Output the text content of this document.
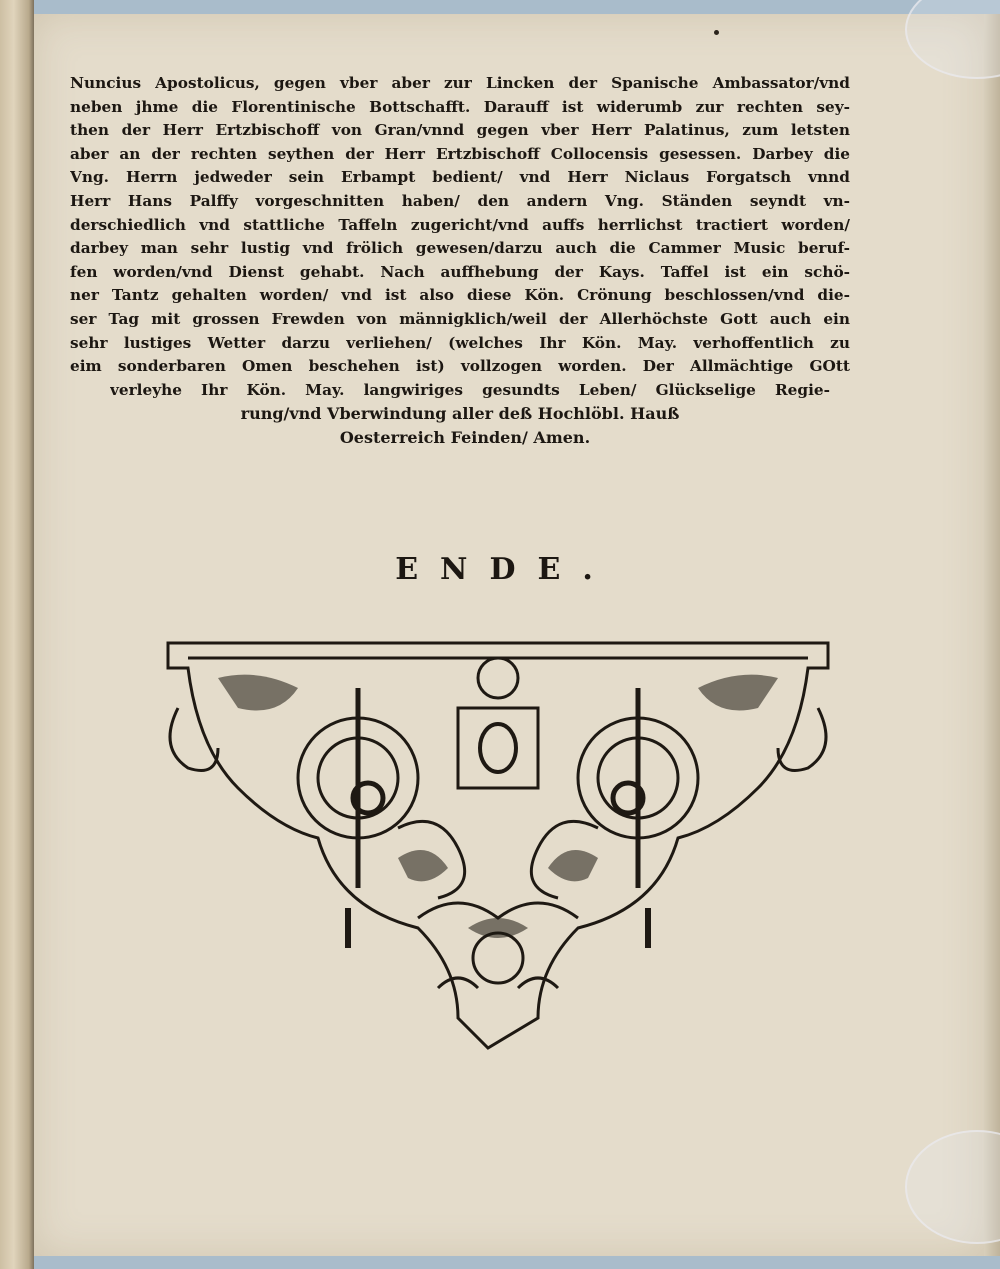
Nuncius Apostolicus, gegen vber aber zur Lincken der Spanische Ambassator/vnd
neben jhme die Florentinische Bottschafft. Darauff ist widerumb zur rechten sey-
then der Herr Ertzbischoff von Gran/vnnd gegen vber Herr Palatinus, zum letsten
aber an der rechten seythen der Herr Ertzbischoff Collocensis gesessen. Darbey die
Vng. Herrn jedweder sein Erbampt bedient/ vnd Herr Niclaus Forgatsch vnnd
Herr Hans Palffy vorgeschnitten haben/ den andern Vng. Ständen seyndt vn-
derschiedlich vnd stattliche Taffeln zugericht/vnd auffs herrlichst tractiert worden/
darbey man sehr lustig vnd frölich gewesen/darzu auch die Cammer Music beruf-
fen worden/vnd Dienst gehabt. Nach auffhebung der Kays. Taffel ist ein schö-
ner Tantz gehalten worden/ vnd ist also diese Kön. Crönung beschlossen/vnd die-
ser Tag mit grossen Frewden von männigklich/weil der Allerhöchste Gott auch ein
sehr lustiges Wetter darzu verliehen/ (welches Ihr Kön. May. verhoffentlich zu
eim sonderbaren Omen beschehen ist) vollzogen worden. Der Allmächtige GOtt
verleyhe Ihr Kön. May. langwiriges gesundts Leben/ Glückselige Regie-
rung/vnd Vberwindung aller deß Hochlöbl. Hauß
Oesterreich Feinden/ Amen.
ENDE.
